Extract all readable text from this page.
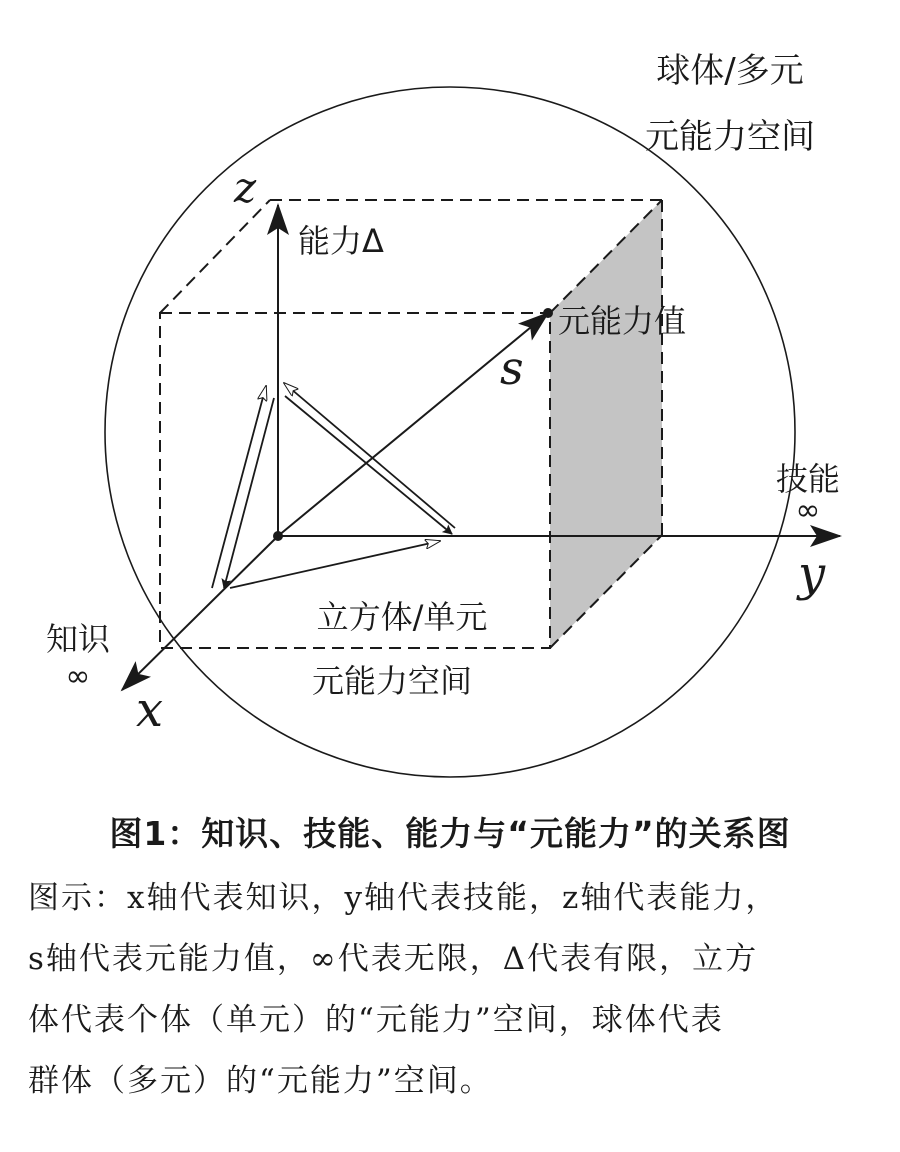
球体/多元
元能力空间
z
能力Δ
元能力值
s
技能
∞
y
知识
∞
x
立方体/单元
元能力空间
图1：知识、技能、能力与“元能力”的关系图
图示：x轴代表知识，y轴代表技能，z轴代表能力，
s轴代表元能力值，∞代表无限，Δ代表有限，立方
体代表个体（单元）的“元能力”空间，球体代表
群体（多元）的“元能力”空间。
